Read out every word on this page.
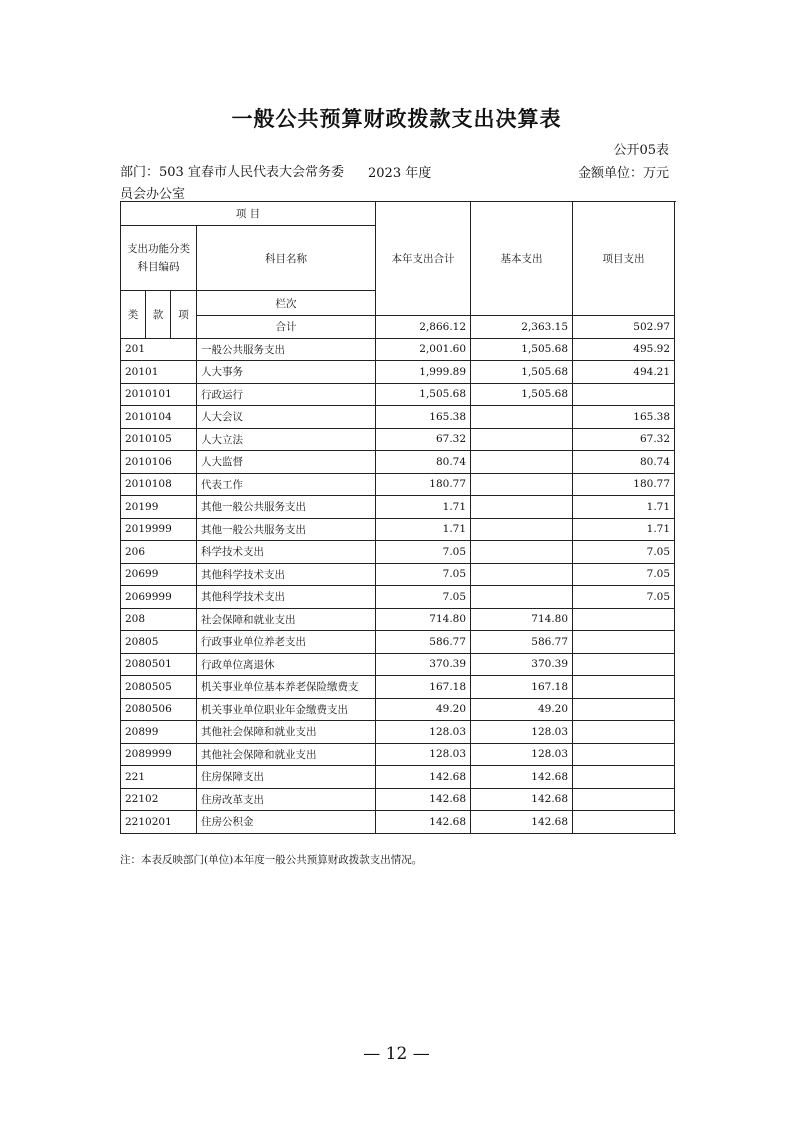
一般公共预算财政拨款支出决算表
公开05表
部门：503 宜春市人民代表大会常务委员会办公室
2023 年度	金额单位：万元
项 目				本年支出合计	基本支出	项目支出	
支出功能分类科目编码			科目名称				
类	款	项	栏次			
			合计	2,866.12	2,363.15	502.97	
201			一般公共服务支出	2,001.60	1,505.68	495.92	
20101			人大事务	1,999.89	1,505.68	494.21	
2010101			行政运行	1,505.68	1,505.68		
2010104			人大会议	165.38		165.38	
2010105			人大立法	67.32		67.32	
2010106			人大监督	80.74		80.74	
2010108			代表工作	180.77		180.77	
20199			其他一般公共服务支出	1.71		1.71	
2019999			其他一般公共服务支出	1.71		1.71	
206			科学技术支出	7.05		7.05	
20699			其他科学技术支出	7.05		7.05	
2069999			其他科学技术支出	7.05		7.05	
208			社会保障和就业支出	714.80	714.80		
20805			行政事业单位养老支出	586.77	586.77		
2080501			行政单位离退休	370.39	370.39		
2080505			机关事业单位基本养老保险缴费支	167.18	167.18		
2080506			机关事业单位职业年金缴费支出	49.20	49.20		
20899			其他社会保障和就业支出	128.03	128.03		
2089999			其他社会保障和就业支出	128.03	128.03		
221			住房保障支出	142.68	142.68		
22102			住房改革支出	142.68	142.68		
2210201			住房公积金	142.68	142.68		
注：本表反映部门(单位)本年度一般公共预算财政拨款支出情况。
— 12 —
